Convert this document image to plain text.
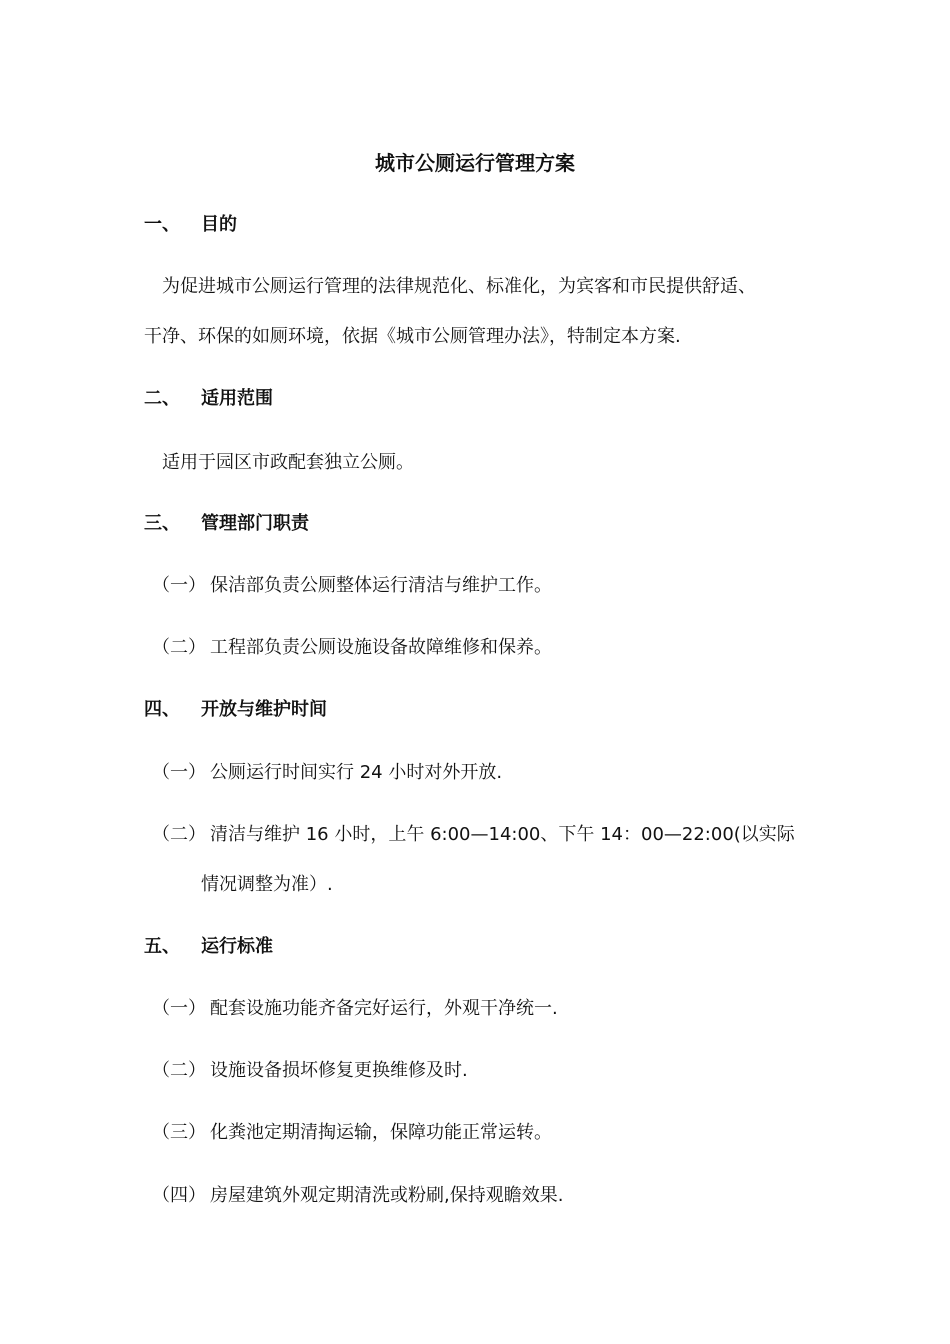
城市公厕运行管理方案
一、 目的
为促进城市公厕运行管理的法律规范化、标准化，为宾客和市民提供舒适、
干净、环保的如厕环境，依据《城市公厕管理办法》，特制定本方案.
二、 适用范围
适用于园区市政配套独立公厕。
三、 管理部门职责
（一） 保洁部负责公厕整体运行清洁与维护工作。
（二） 工程部负责公厕设施设备故障维修和保养。
四、 开放与维护时间
（一） 公厕运行时间实行 24 小时对外开放.
（二） 清洁与维护 16 小时，上午 6:00—14:00、下午 14：00—22:00(以实际
情况调整为准）.
五、 运行标准
（一） 配套设施功能齐备完好运行，外观干净统一.
（二） 设施设备损坏修复更换维修及时.
（三） 化粪池定期清掏运输，保障功能正常运转。
（四） 房屋建筑外观定期清洗或粉刷,保持观瞻效果.
